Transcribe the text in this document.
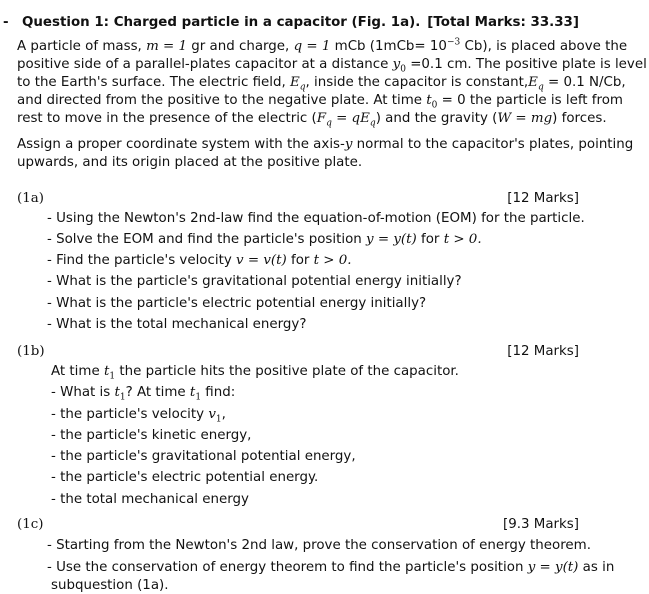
- Question 1: Charged particle in a capacitor (Fig. 1a). [Total Marks: 33.33]
A particle of mass, m = 1 gr and charge, q = 1 mCb ($1mCb= 10^{-3}$ Cb), is placed above the
positive side of a parallel-plates capacitor at a distance $y_0 =0.1$ cm. The positive plate is level
to the Earth's surface. The electric field, $E_q$, inside the capacitor is $constant,E_q = 0.1$ N/Cb,
and directed from the positive to the negative plate. At time $t_0 = 0$ the particle is left from
rest to move in the presence of the electric $(F_q = qE_q)$ and the gravity (W = mg) forces.
Assign a proper coordinate system with the axis-y normal to the capacitor's plates, pointing
upwards, and its origin placed at the positive plate.
(1a)	[12 Marks]
- Using the Newton's 2nd-law find the equation-of-motion (EOM) for the particle.
- Solve the EOM and find the particle's position y = y(t) for t > 0.
- Find the particle's velocity v = v(t) for t > 0.
- What is the particle's gravitational potential energy initially?
- What is the particle's electric potential energy initially?
- What is the total mechanical energy?
(1b)	[12 Marks]
At time $t_1$ the particle hits the positive plate of the capacitor.
- What is $t_1$? At time $t_1$ find:
- the particle's velocity $v_1$,
- the particle's kinetic energy,
- the particle's gravitational potential energy,
- the particle's electric potential energy.
- the total mechanical energy
(1c)	[9.3 Marks]
- Starting from the Newton's 2nd law, prove the conservation of energy theorem.
- Use the conservation of energy theorem to find the particle's position y = y(t) as in
subquestion (1a).
